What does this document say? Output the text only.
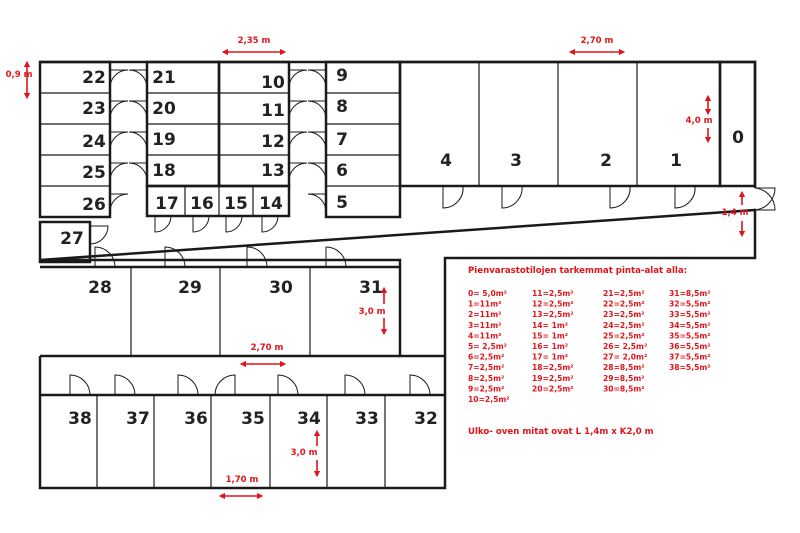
22
23
24
25
26
21
20
19
18
10
11
12
13
17 16 15 14
9
8
7
6
5
4	3	2	1
0
27
28	29	30	31
38 37 36 35 34 33 32
2,35 m	2,70 m
0,9 m
4,0 m
1,4 m
3,0 m
2,70 m
3,0 m
1,70 m
Pienvarastotilojen tarkemmat pinta-alat alla:
0= 5,0m²
1=11m²
2=11m²
3=11m²
4=11m²
5= 2,5m²
6=2,5m²
7=2,5m²
8=2,5m²
9=2,5m²
10=2,5m²
11=2,5m²
12=2,5m²
13=2,5m²
14= 1m²
15= 1m²
16= 1m²
17= 1m²
18=2,5m²
19=2,5m²
20=2,5m²
21=2,5m²
22=2,5m²
23=2,5m²
24=2,5m²
25=2,5m²
26= 2,5m²
27= 2,0m²
28=8,5m²
29=8,5m²
30=8,5m²
31=8,5m²
32=5,5m²
33=5,5m²
34=5,5m²
35=5,5m²
36=5,5m²
37=5,5m²
38=5,5m²
Ulko- oven mitat ovat L 1,4m x K2,0 m
